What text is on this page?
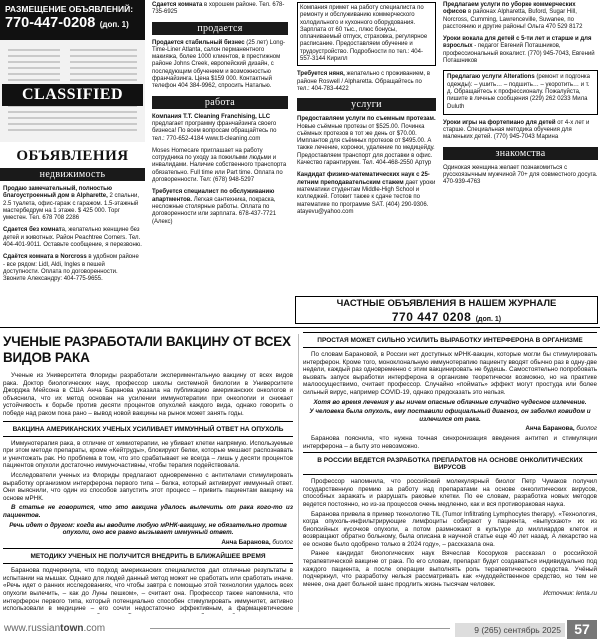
РАЗМЕЩЕНИЕ ОБЪЯВЛЕНИЙ:
770-447-0208 (доп. 1)
CLASSIFIED
ОБЪЯВЛЕНИЯ
недвижимость
Продаю замечательный, полностью благоустроенный дом в Alpharette, 2 спальни, 2.5 туалета, офис-гараж с гаражом. 1.5-этажный мастербедрум на 1 этаже. $ 425 000. Торг уместен. Тел. 678 708 2286
Сдается без комната, желательно женщине без детей и животных. Район Peachtree Corners. Тел. 404-401-9011. Оставьте сообщение, я перезвоню.
Сдаётся комната в Norcross в удобном районе - все рядом: Lidl, Aldi, Ingles в пешей доступности. Оплата по договоренности. Звоните Александру: 404-775-9655.
Сдается комната в хорошем районе. Тел. 678-735-6925
продается
Продается стабильный бизнес (25 лет) Long-Time-Liner Atlanta, салон перманентного макияжа, более 1000 клиентов, в престижном районе Johns Creek, европейский дизайн, с последующим обучением и возможностью франчайзинга. Цена $159 000. Контактный телефон 404 384-9962, спросить Наталью.
работа
Компания T.T. Cleaning Franchising, LLC предлагает программу франчайзинга своего бизнеса! По всем вопросам обращайтесь по тел.: 770-652-4184 www.tt-cleaning.com
Moses Homecare приглашает на работу сотрудника по уходу за пожилыми людьми и инвалидами. Наличие собственного транспорта обязательно. Full time или Part time. Оплата по договоренности. Тел: (678) 948-5297
Требуется специалист по обслуживанию апартментов. Легкая сантехника, покраска, несложные столярные работы. Оплата по договоренности или зарплата. 678-437-7721 (Алекс)
Компания примет на работу специалиста по ремонту и обслуживанию коммерческого холодильного и кухонного оборудования. Зарплата от 60 тыс., плюс бонусы, оплачиваемый отпуск, страховка, регулярное расписание. Предоставляем обучение и трудоустройство. Подробности по тел.: 404-557-3144 Кирилл
Требуется няня, желательно с проживанием, в районе Roswell / Alpharetta. Обращайтесь по тел.: 404-783-4422
услуги
Предоставляем услуги по съемным протезам. Новые съёмные протезы от $525.00. Починка съёмных протезов в тот же день от $70.00. Имплантов для съёмных протезов от $495.00. А также лечение, коронки, удаление по медицейду. Предоставляем транспорт для доставки в офис. Качество гарантируем. Тел. 404-468-2550 Артур
Кандидат физико-математических наук с 25-летним преподавательским стажем дает уроки математики студентам Middle-High School и колледжей. Готовит также к сдаче тестов по математике по программе SAT. (404) 290-9306. atayevu@yahoo.com
Предлагаем услуги по уборке коммерческих офисов в районах Alpharetta, Buford, Sugar Hill, Norcross, Cumming, Lawrenceville, Suwanee, по расстоянию и другие районы! Ольга 470 529 8172
Уроки вокала для детей с 5-ти лет и старше и для взрослых - педагог Евгений Поташников, профессиональный вокалист. (770) 945-7043, Евгений Поташников
Предлагаю услуги Alterations (ремонт и подгонка одежды): – ушить… – подшить… – укоротить… и т. д. Обращайтесь к профессионалу. Пожалуйста, пишите в личные сообщения (229) 262 0233 Мила Duluth
Уроки игры на фортепиано для детей от 4-х лет и старше. Специальная методика обучения для маленьких детей. (770) 945-7043 Марина
знакомства
Одинокая женщина желает познакомиться с русскоязычным мужчиной 70+ для совместного досуга. 470-939-4763
ЧАСТНЫЕ ОБЪЯВЛЕНИЯ В НАШЕМ ЖУРНАЛЕ
770 447 0208 (доп. 1)
УЧЕНЫЕ РАЗРАБОТАЛИ ВАКЦИНУ ОТ ВСЕХ ВИДОВ РАКА
Ученые из Университета Флориды разработали экспериментальную вакцину от всех видов рака. Доктор биологических наук, профессор школы системной биологии в Университете Джорджа Мейсона в США Анча Баранова указала на публикацию американских онкологов и объяснила, что их метод основан на усилении иммунотерапии при онкологии и снижает устойчивость к борьбе против десяти процентов опухолей каждого вида, однако говорить о победе над раком пока рано – вывод новой вакцины на рынок может занять годы.
ВАКЦИНА АМЕРИКАНСКИХ УЧЕНЫХ УСИЛИВАЕТ ИММУННЫЙ ОТВЕТ НА ОПУХОЛЬ
Иммунотерапия рака, в отличие от химиотерапии, не убивает клетки напрямую. Используемые при этом методе препараты, кроме «Кейтруды», блокируют белки, которые мешают распознавать и уничтожать рак. Но проблема в том, что это срабатывает не всегда – лишь у десяти процентов пациентов опухоли достаточно иммуночастивны, чтобы терапия подействовала.
Исследователи ученых из Флориды предлагают одновременно с антителами стимулировать выработку организмом интерферона первого типа – белка, который активирует иммунный ответ. Они выяснили, что один из способов запустить этот процесс – привить пациентам вакцину на основе мРНК.
В статье не говорится, что это вакцина удалось вылечить от рака кого-то из пациентов.
Речь идет о другом: когда вы вводите любую мРНК-вакцину, не обязательно против опухоли, оно все равно вызывает иммунный ответ.
Анча Баранова, биолог
МЕТОДИКУ УЧЕНЫХ НЕ ПОЛУЧИТСЯ ВНЕДРИТЬ В БЛИЖАЙШЕЕ ВРЕМЯ
Баранова подчеркнула, что подход американских специалистов дал отличные результаты в испытании на мышах. Однако для людей данный метод может не сработать или сработать иначе. «Речь идет о ранних исследованиях, что чтобы завтра с помощью этой технологии удалось всех опухоли вылечить, – как до Луны пешком», – считает она. Профессор также напомнила, что интерферон первого типа, который потенциально способен стимулировать иммунитет, активно использовали в медицине – его сочли недостаточно эффективным, а фармацевтические
ПРОСТАЯ МОЖЕТ СИЛЬНО УСИЛИТЬ ВЫРАБОТКУ ИНТЕРФЕРОНА В ОРГАНИЗМЕ
По словам Барановой, в России нет доступных мРНК-вакцин, которые могли бы стимулировать интерферон. Кроме того, моноклональную иммунотерапию пациенту вводят обычно раз в одну-две недели, каждый раз одновременно с этим вакцинировать не будешь. Самостоятельно попробовать вызвать запуск выработки интерферона в организме теоретически возможно, но на практике малоосуществимо, считает профессор. Случайно «поймать» эффект могут простуда или более сильный вирус, например COVID-19, однако предсказать это нельзя.
Хотя во время лечения у вы ничем опасные облачные случайно чудесное излечение.
У человека была опухоль, ему поставили официальный диагноз, он заболел ковидом и излечился от рака.
Анча Баранова, биолог
Баранова пояснила, что нужна точная синхронизация введения антител и стимуляции интерферона – а быту это невозможно.
В РОССИИ ВЕДЕТСЯ РАЗРАБОТКА ПРЕПАРАТОВ НА ОСНОВЕ ОНКОЛИТИЧЕСКИХ ВИРУСОВ
Профессор напомнила, что российский молекулярный биолог Петр Чумаков получил государственную премию за работу над препаратами на основе онколитических вирусов, способных заражать и разрушать раковые клетки. По ее словам, разработка новых методов ведется постоянно, но из-за процессов очень медленно, как и вся противораковая наука.
Баранова привела в пример технологию TIL (Tumor Infiltrating Lymphocytes therapy). «Технология, когда опухоль-инфильтрирующие лимфоциты собирают у пациента, «выпускают» их из биопсийных кусочков опухоли, а потом размножают в культуре до миллиардов клеток и возвращают обратно больному, была описана в научной статье еще 40 лет назад. А лекарство на ее основе было одобрено только в 2024 году», – рассказала она.
Ранее кандидат биологических наук Вячеслав Косоруков рассказал о российской терапевтической вакцине от рака. По его словам, препарат будет создаваться индивидуально под каждого пациента, а после операции выполнять роль терапевтического средства. Учёный подчеркнул, что разработку нельзя рассматривать как «чудодейственное средство, но тем не менее, она дает больной шанс продлить жизнь тысячам человек.
Источник: lenta.ru
www.russiantown.com	9 (265) сентябрь 2025 57
